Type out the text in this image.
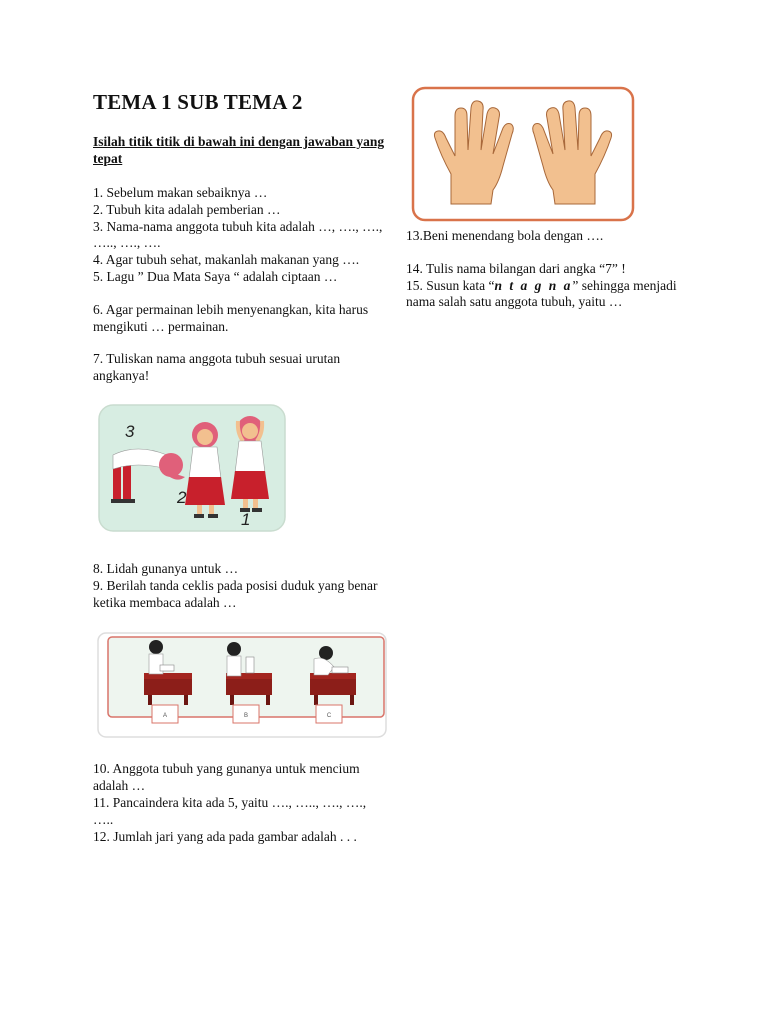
TEMA 1 SUB TEMA 2
Isilah titik titik di bawah ini dengan jawaban yang tepat

1. Sebelum makan sebaiknya …

2. Tubuh kita adalah pemberian …

3. Nama-nama anggota tubuh kita adalah …, …., …., ….., …., ….

4. Agar tubuh sehat, makanlah makanan yang ….

5. Lagu ” Dua Mata Saya “ adalah ciptaan …

6. Agar permainan lebih menyenangkan, kita harus mengikuti … permainan.

7. Tuliskan nama anggota tubuh sesuai urutan angkanya!

3
2
1

8. Lidah gunanya untuk …

9. Berilah tanda ceklis pada posisi duduk yang benar ketika membaca adalah …

A	B	C

10. Anggota tubuh yang gunanya untuk mencium adalah …

11. Pancaindera kita ada 5, yaitu …., ….., …., …., …..

12. Jumlah jari yang ada pada gambar adalah . . .

13.Beni menendang bola dengan ….

14. Tulis nama bilangan dari angka “7” !

15. Susun kata “n t a g n a” sehingga menjadi nama salah satu anggota tubuh, yaitu …
